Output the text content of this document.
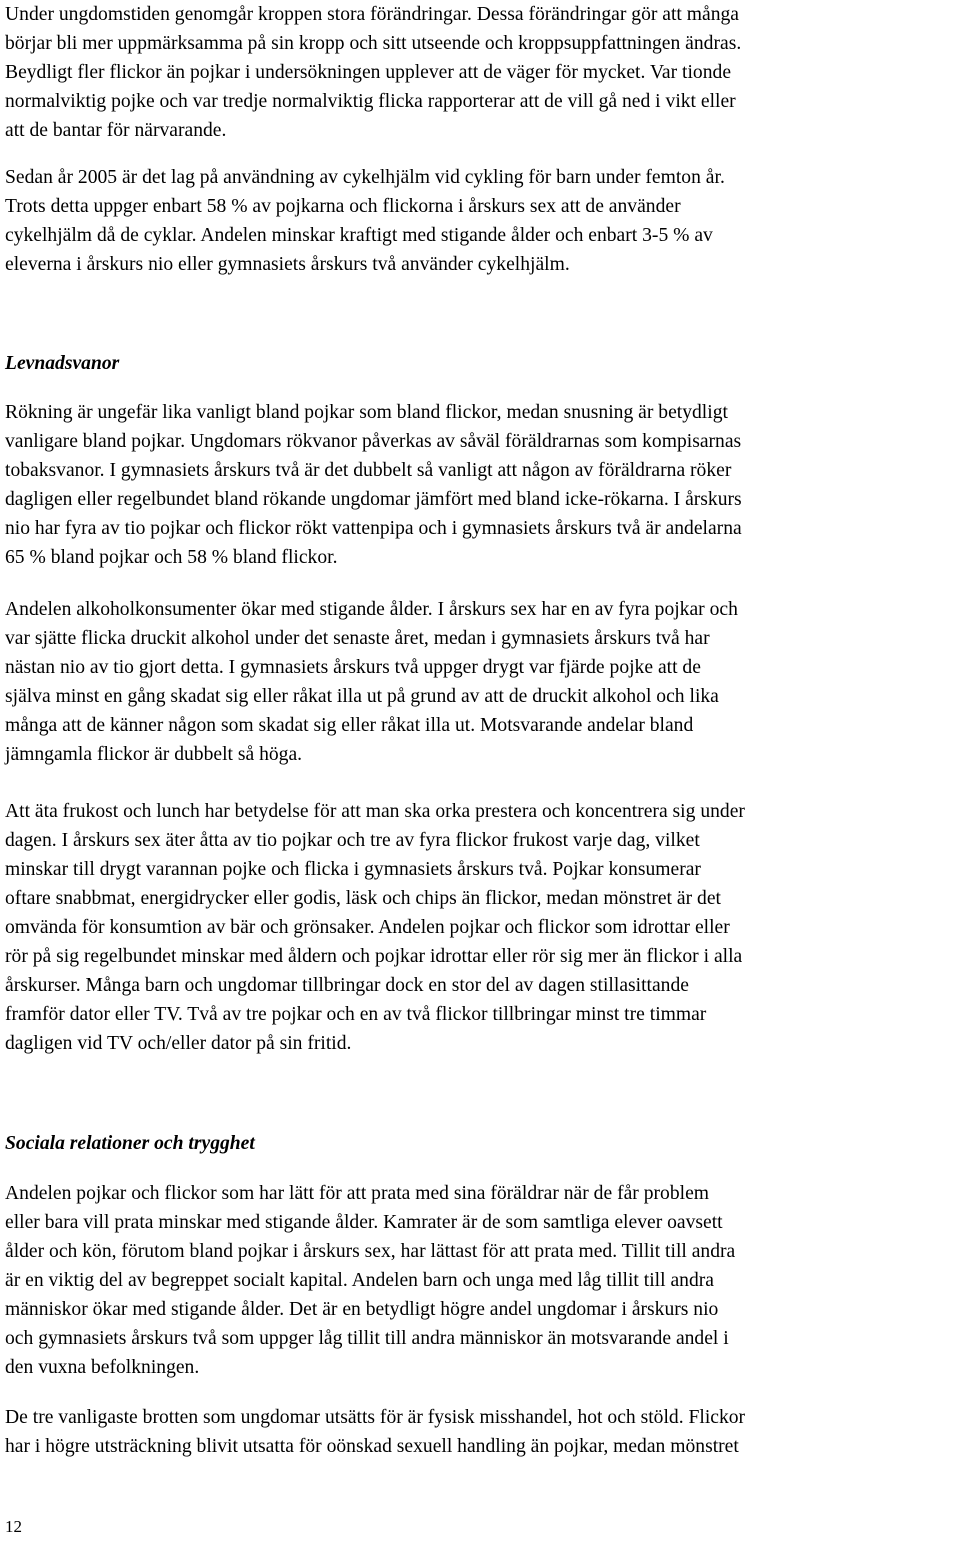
Under ungdomstiden genomgår kroppen stora förändringar. Dessa förändringar gör att många
börjar bli mer uppmärksamma på sin kropp och sitt utseende och kroppsuppfattningen ändras.
Beydligt fler flickor än pojkar i undersökningen upplever att de väger för mycket. Var tionde
normalviktig pojke och var tredje normalviktig flicka rapporterar att de vill gå ned i vikt eller
att de bantar för närvarande.

Sedan år 2005 är det lag på användning av cykelhjälm vid cykling för barn under femton år.
Trots detta uppger enbart 58 % av pojkarna och flickorna i årskurs sex att de använder
cykelhjälm då de cyklar. Andelen minskar kraftigt med stigande ålder och enbart 3-5 % av
eleverna i årskurs nio eller gymnasiets årskurs två använder cykelhjälm.

Levnadsvanor

Rökning är ungefär lika vanligt bland pojkar som bland flickor, medan snusning är betydligt
vanligare bland pojkar. Ungdomars rökvanor påverkas av såväl föräldrarnas som kompisarnas
tobaksvanor. I gymnasiets årskurs två är det dubbelt så vanligt att någon av föräldrarna röker
dagligen eller regelbundet bland rökande ungdomar jämfört med bland icke-rökarna. I årskurs
nio har fyra av tio pojkar och flickor rökt vattenpipa och i gymnasiets årskurs två är andelarna
65 % bland pojkar och 58 % bland flickor.

Andelen alkoholkonsumenter ökar med stigande ålder. I årskurs sex har en av fyra pojkar och
var sjätte flicka druckit alkohol under det senaste året, medan i gymnasiets årskurs två har
nästan nio av tio gjort detta. I gymnasiets årskurs två uppger drygt var fjärde pojke att de
själva minst en gång skadat sig eller råkat illa ut på grund av att de druckit alkohol och lika
många att de känner någon som skadat sig eller råkat illa ut. Motsvarande andelar bland
jämngamla flickor är dubbelt så höga.

Att äta frukost och lunch har betydelse för att man ska orka prestera och koncentrera sig under
dagen. I årskurs sex äter åtta av tio pojkar och tre av fyra flickor frukost varje dag, vilket
minskar till drygt varannan pojke och flicka i gymnasiets årskurs två. Pojkar konsumerar
oftare snabbmat, energidrycker eller godis, läsk och chips än flickor, medan mönstret är det
omvända för konsumtion av bär och grönsaker. Andelen pojkar och flickor som idrottar eller
rör på sig regelbundet minskar med åldern och pojkar idrottar eller rör sig mer än flickor i alla
årskurser. Många barn och ungdomar tillbringar dock en stor del av dagen stillasittande
framför dator eller TV. Två av tre pojkar och en av två flickor tillbringar minst tre timmar
dagligen vid TV och/eller dator på sin fritid.

Sociala relationer och trygghet

Andelen pojkar och flickor som har lätt för att prata med sina föräldrar när de får problem
eller bara vill prata minskar med stigande ålder. Kamrater är de som samtliga elever oavsett
ålder och kön, förutom bland pojkar i årskurs sex, har lättast för att prata med. Tillit till andra
är en viktig del av begreppet socialt kapital. Andelen barn och unga med låg tillit till andra
människor ökar med stigande ålder. Det är en betydligt högre andel ungdomar i årskurs nio
och gymnasiets årskurs två som uppger låg tillit till andra människor än motsvarande andel i
den vuxna befolkningen.

De tre vanligaste brotten som ungdomar utsätts för är fysisk misshandel, hot och stöld. Flickor
har i högre utsträckning blivit utsatta för oönskad sexuell handling än pojkar, medan mönstret

12
